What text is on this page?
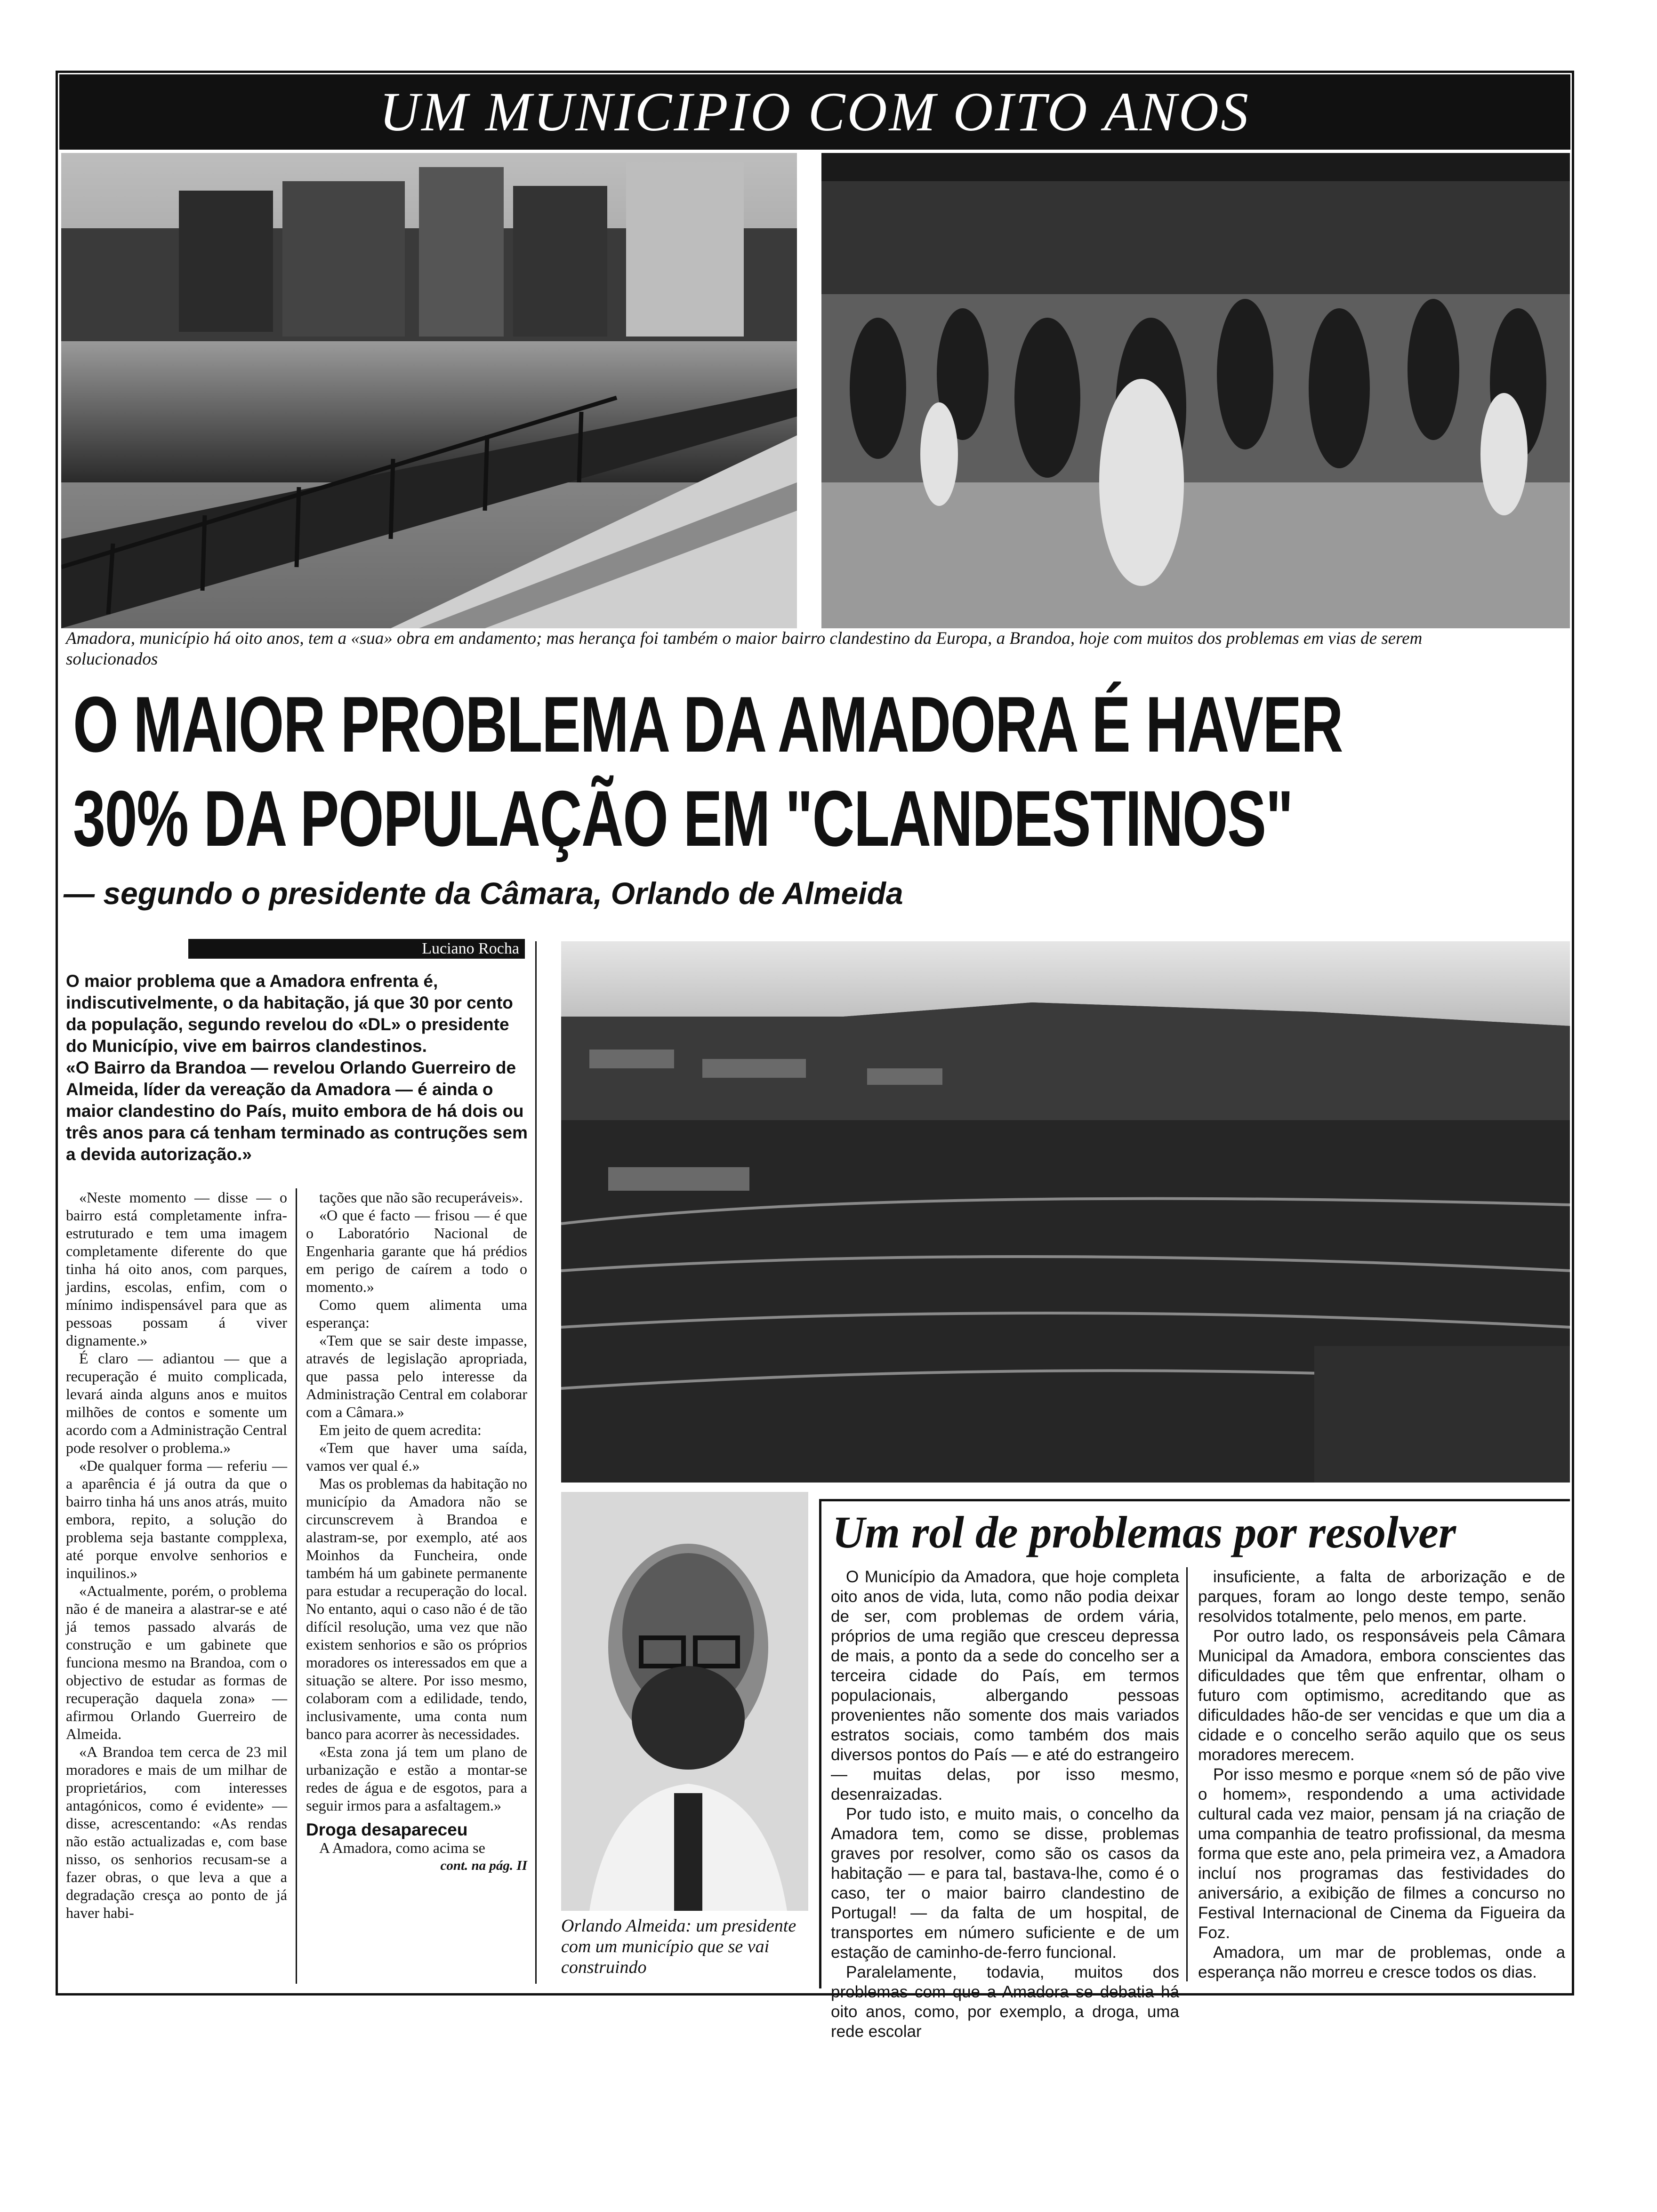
UM MUNICIPIO COM OITO ANOS
Amadora, município há oito anos, tem a «sua» obra em andamento; mas herança foi também o maior bairro clandestino da Europa, a Brandoa, hoje com muitos dos problemas em vias de serem solucionados
O MAIOR PROBLEMA DA AMADORA É HAVER
30% DA POPULAÇÃO EM "CLANDESTINOS"
— segundo o presidente da Câmara, Orlando de Almeida
Luciano Rocha

O maior problema que a Amadora enfrenta é, indiscutivelmente, o da habitação, já que 30 por cento da população, segundo revelou do «DL» o presidente do Município, vive em bairros clandestinos.

«O Bairro da Brandoa — revelou Orlando Guerreiro de Almeida, líder da vereação da Amadora — é ainda o maior clandestino do País, muito embora de há dois ou três anos para cá tenham terminado as contruções sem a devida autorização.»

«Neste momento — disse — o bairro está completamente infra-estruturado e tem uma imagem completamente diferente do que tinha há oito anos, com parques, jardins, escolas, enfim, com o mínimo indispensável para que as pessoas possam á viver dignamente.»

É claro — adiantou — que a recuperação é muito complicada, levará ainda alguns anos e muitos milhões de contos e somente um acordo com a Administração Central pode resolver o problema.»

«De qualquer forma — referiu — a aparência é já outra da que o bairro tinha há uns anos atrás, muito embora, repito, a solução do problema seja bastante compplexa, até porque envolve senhorios e inquilinos.»

«Actualmente, porém, o problema não é de maneira a alastrar-se e até já temos passado alvarás de construção e um gabinete que funciona mesmo na Brandoa, com o objectivo de estudar as formas de recuperação daquela zona» — afirmou Orlando Guerreiro de Almeida.

«A Brandoa tem cerca de 23 mil moradores e mais de um milhar de proprietários, com interesses antagónicos, como é evidente» — disse, acrescentando: «As rendas não estão actualizadas e, com base nisso, os senhorios recusam-se a fazer obras, o que leva a que a degradação cresça ao ponto de já haver habi-

tações que não são recuperáveis».

«O que é facto — frisou — é que o Laboratório Nacional de Engenharia garante que há prédios em perigo de caírem a todo o momento.»

Como quem alimenta uma esperança:

«Tem que se sair deste impasse, através de legislação apropriada, que passa pelo interesse da Administração Central em colaborar com a Câmara.»

Em jeito de quem acredita:

«Tem que haver uma saída, vamos ver qual é.»

Mas os problemas da habitação no município da Amadora não se circunscrevem à Brandoa e alastram-se, por exemplo, até aos Moinhos da Funcheira, onde também há um gabinete permanente para estudar a recuperação do local. No entanto, aqui o caso não é de tão difícil resolução, uma vez que não existem senhorios e são os próprios moradores os interessados em que a situação se altere. Por isso mesmo, colaboram com a edilidade, tendo, inclusivamente, uma conta num banco para acorrer às necessidades.

«Esta zona já tem um plano de urbanização e estão a montar-se redes de água e de esgotos, para a seguir irmos para a asfaltagem.»

Droga desapareceu

A Amadora, como acima se

cont. na pág. II
Orlando Almeida: um presidente com um município que se vai construindo
Um rol de problemas por resolver

O Município da Amadora, que hoje completa oito anos de vida, luta, como não podia deixar de ser, com problemas de ordem vária, próprios de uma região que cresceu depressa de mais, a ponto da a sede do concelho ser a terceira cidade do País, em termos populacionais, albergando pessoas provenientes não somente dos mais variados estratos sociais, como também dos mais diversos pontos do País — e até do estrangeiro — muitas delas, por isso mesmo, desenraizadas.

Por tudo isto, e muito mais, o concelho da Amadora tem, como se disse, problemas graves por resolver, como são os casos da habitação — e para tal, bastava-lhe, como é o caso, ter o maior bairro clandestino de Portugal! — da falta de um hospital, de transportes em número suficiente e de um estação de caminho-de-ferro funcional.

Paralelamente, todavia, muitos dos problemas com que a Amadora se debatia há oito anos, como, por exemplo, a droga, uma rede escolar

insuficiente, a falta de arborização e de parques, foram ao longo deste tempo, senão resolvidos totalmente, pelo menos, em parte.

Por outro lado, os responsáveis pela Câmara Municipal da Amadora, embora conscientes das dificuldades que têm que enfrentar, olham o futuro com optimismo, acreditando que as dificuldades hão-de ser vencidas e que um dia a cidade e o concelho serão aquilo que os seus moradores merecem.

Por isso mesmo e porque «nem só de pão vive o homem», respondendo a uma actividade cultural cada vez maior, pensam já na criação de uma companhia de teatro profissional, da mesma forma que este ano, pela primeira vez, a Amadora incluí nos programas das festividades do aniversário, a exibição de filmes a concurso no Festival Internacional de Cinema da Figueira da Foz.

Amadora, um mar de problemas, onde a esperança não morreu e cresce todos os dias.
